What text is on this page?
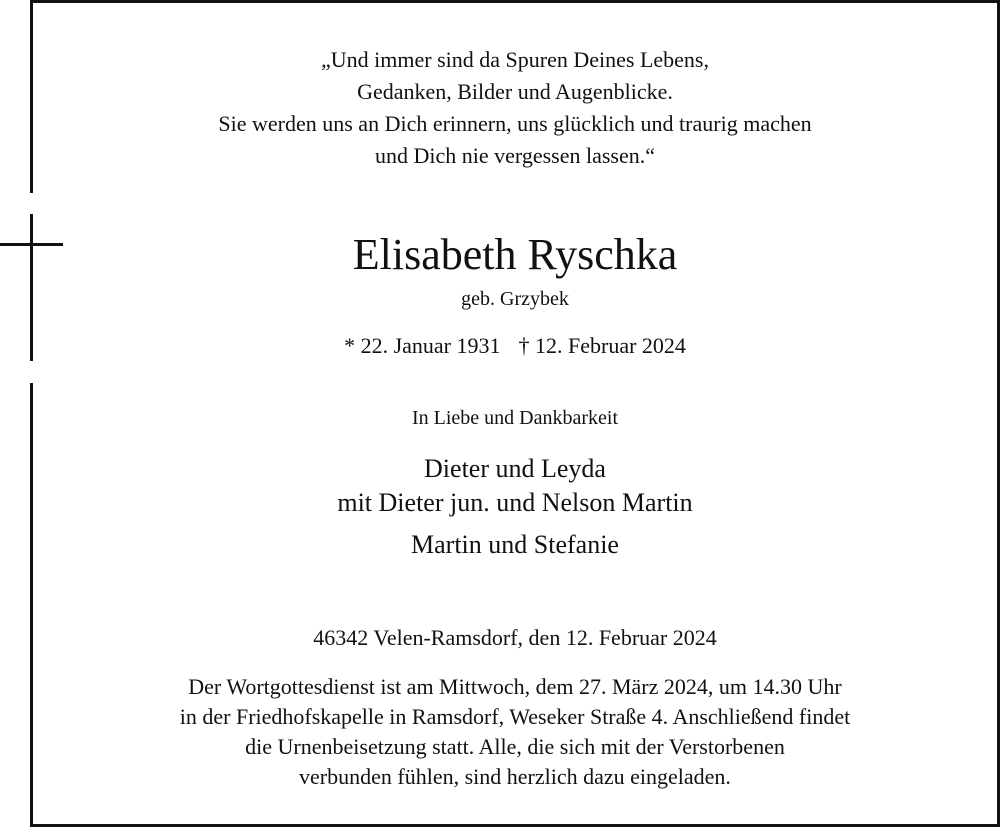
„Und immer sind da Spuren Deines Lebens,
Gedanken, Bilder und Augenblicke.
Sie werden uns an Dich erinnern, uns glücklich und traurig machen
und Dich nie vergessen lassen.“
Elisabeth Ryschka
geb. Grzybek
* 22. Januar 1931 † 12. Februar 2024
In Liebe und Dankbarkeit
Dieter und Leyda
mit Dieter jun. und Nelson Martin
Martin und Stefanie
46342 Velen-Ramsdorf, den 12. Februar 2024
Der Wortgottesdienst ist am Mittwoch, dem 27. März 2024, um 14.30 Uhr
in der Friedhofskapelle in Ramsdorf, Weseker Straße 4. Anschließend findet
die Urnenbeisetzung statt. Alle, die sich mit der Verstorbenen
verbunden fühlen, sind herzlich dazu eingeladen.
